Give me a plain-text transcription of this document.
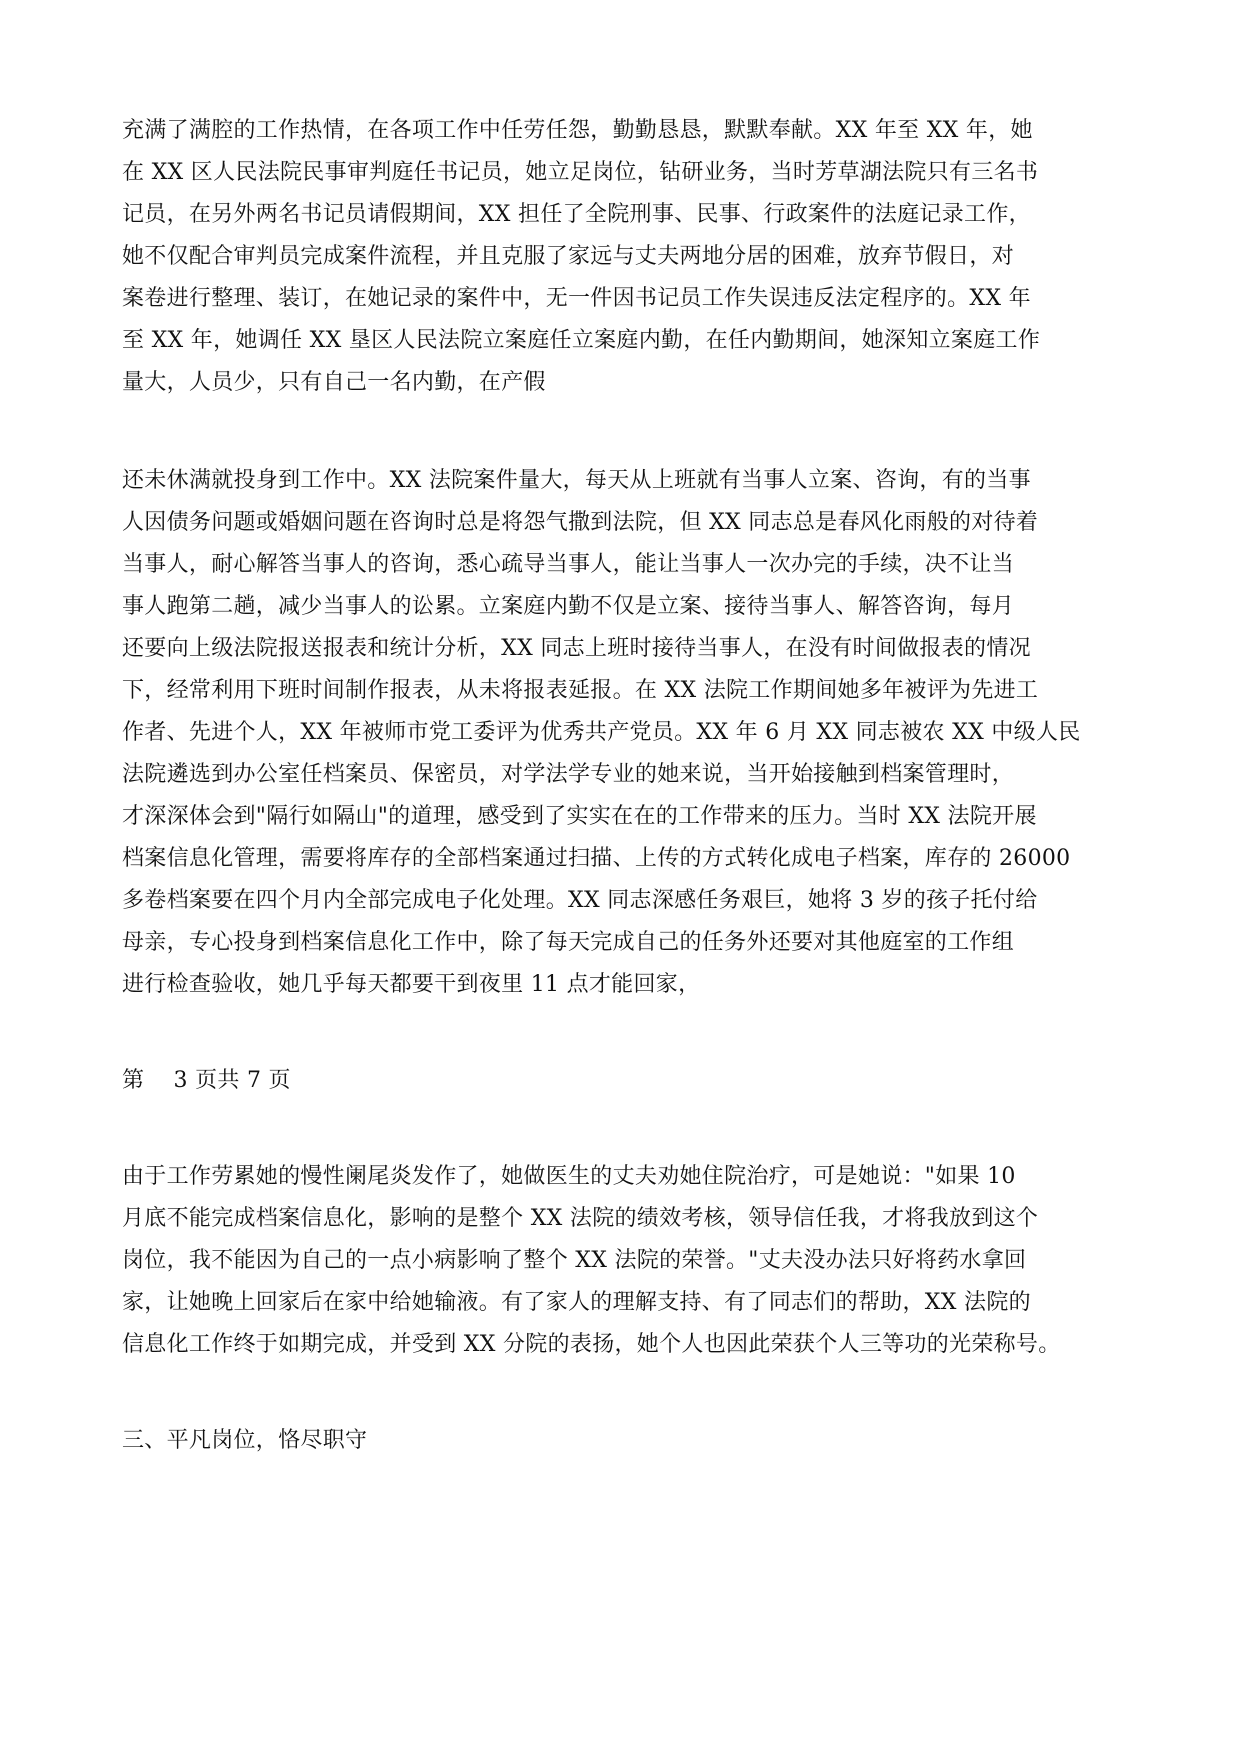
充满了满腔的工作热情，在各项工作中任劳任怨，勤勤恳恳，默默奉献。XX 年至 XX 年，她
在 XX 区人民法院民事审判庭任书记员，她立足岗位，钻研业务，当时芳草湖法院只有三名书
记员，在另外两名书记员请假期间，XX 担任了全院刑事、民事、行政案件的法庭记录工作，
她不仅配合审判员完成案件流程，并且克服了家远与丈夫两地分居的困难，放弃节假日，对
案卷进行整理、装订，在她记录的案件中，无一件因书记员工作失误违反法定程序的。XX 年
至 XX 年，她调任 XX 垦区人民法院立案庭任立案庭内勤，在任内勤期间，她深知立案庭工作
量大，人员少，只有自己一名内勤，在产假
还未休满就投身到工作中。XX 法院案件量大，每天从上班就有当事人立案、咨询，有的当事
人因债务问题或婚姻问题在咨询时总是将怨气撒到法院，但 XX 同志总是春风化雨般的对待着
当事人，耐心解答当事人的咨询，悉心疏导当事人，能让当事人一次办完的手续，决不让当
事人跑第二趟，减少当事人的讼累。立案庭内勤不仅是立案、接待当事人、解答咨询，每月
还要向上级法院报送报表和统计分析，XX 同志上班时接待当事人，在没有时间做报表的情况
下，经常利用下班时间制作报表，从未将报表延报。在 XX 法院工作期间她多年被评为先进工
作者、先进个人，XX 年被师市党工委评为优秀共产党员。XX 年 6 月 XX 同志被农 XX 中级人民
法院遴选到办公室任档案员、保密员，对学法学专业的她来说，当开始接触到档案管理时，
才深深体会到"隔行如隔山"的道理，感受到了实实在在的工作带来的压力。当时 XX 法院开展
档案信息化管理，需要将库存的全部档案通过扫描、上传的方式转化成电子档案，库存的 26000
多卷档案要在四个月内全部完成电子化处理。XX 同志深感任务艰巨，她将 3 岁的孩子托付给
母亲，专心投身到档案信息化工作中，除了每天完成自己的任务外还要对其他庭室的工作组
进行检查验收，她几乎每天都要干到夜里 11 点才能回家，
第    3 页共 7 页
由于工作劳累她的慢性阑尾炎发作了，她做医生的丈夫劝她住院治疗，可是她说："如果 10
月底不能完成档案信息化，影响的是整个 XX 法院的绩效考核，领导信任我，才将我放到这个
岗位，我不能因为自己的一点小病影响了整个 XX 法院的荣誉。"丈夫没办法只好将药水拿回
家，让她晚上回家后在家中给她输液。有了家人的理解支持、有了同志们的帮助，XX 法院的
信息化工作终于如期完成，并受到 XX 分院的表扬，她个人也因此荣获个人三等功的光荣称号。
三、平凡岗位，恪尽职守
